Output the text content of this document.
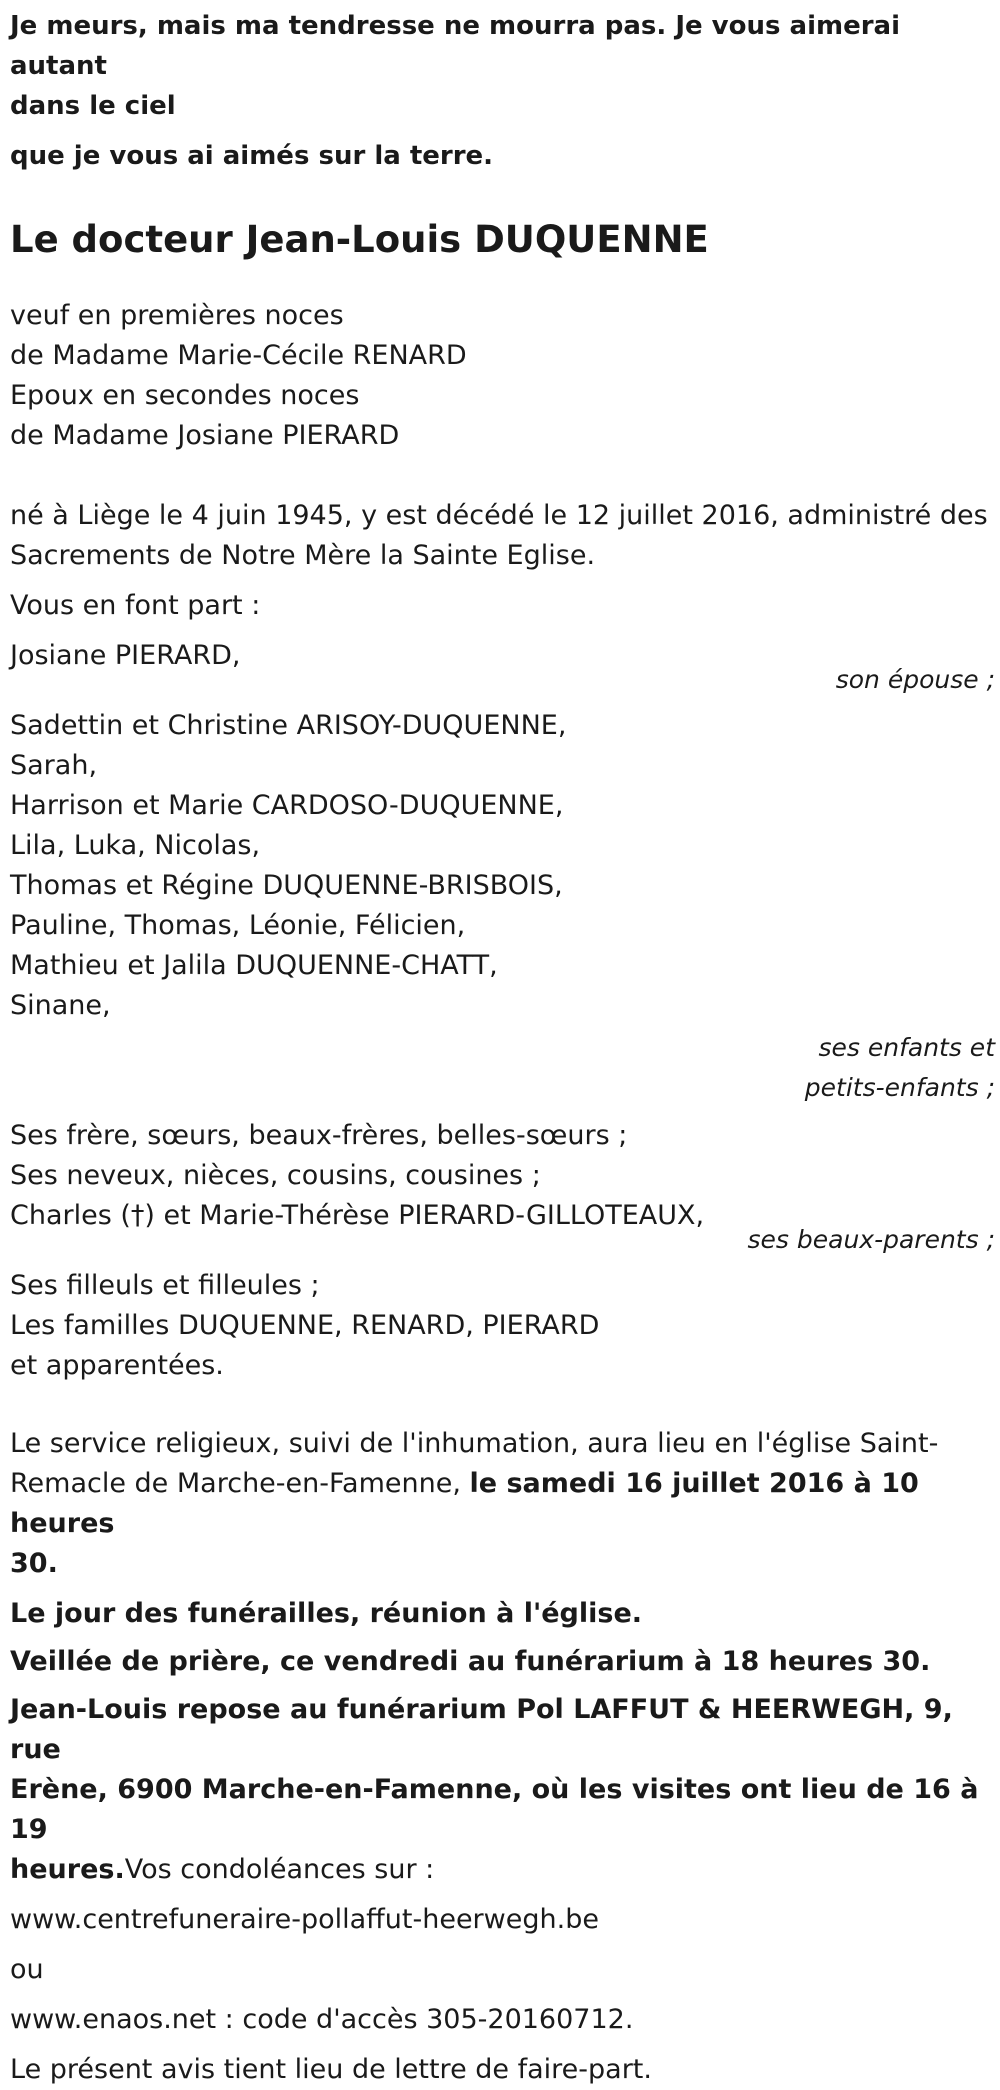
Je meurs, mais ma tendresse ne mourra pas. Je vous aimerai autant

dans le ciel

que je vous ai aimés sur la terre.

Le docteur Jean-Louis DUQUENNE

veuf en premières noces

de Madame Marie-Cécile RENARD

Epoux en secondes noces

de Madame Josiane PIERARD

né à Liège le 4 juin 1945, y est décédé le 12 juillet 2016, administré des

Sacrements de Notre Mère la Sainte Eglise.

Vous en font part :

Josiane PIERARD,

son épouse ;

Sadettin et Christine ARISOY-DUQUENNE,

Sarah,

Harrison et Marie CARDOSO-DUQUENNE,

Lila, Luka, Nicolas,

Thomas et Régine DUQUENNE-BRISBOIS,

Pauline, Thomas, Léonie, Félicien,

Mathieu et Jalila DUQUENNE-CHATT,

Sinane,

ses enfants et

petits-enfants ;

Ses frère, sœurs, beaux-frères, belles-sœurs ;

Ses neveux, nièces, cousins, cousines ;

Charles (†) et Marie-Thérèse PIERARD-GILLOTEAUX,

ses beaux-parents ;

Ses filleuls et filleules ;

Les familles DUQUENNE, RENARD, PIERARD

et apparentées.

Le service religieux, suivi de l'inhumation, aura lieu en l'église Saint-

Remacle de Marche-en-Famenne, le samedi 16 juillet 2016 à 10 heures

30.

Le jour des funérailles, réunion à l'église.

Veillée de prière, ce vendredi au funérarium à 18 heures 30.

Jean-Louis repose au funérarium Pol LAFFUT & HEERWEGH, 9, rue

Erène, 6900 Marche-en-Famenne, où les visites ont lieu de 16 à 19

heures.Vos condoléances sur :

www.centrefuneraire-pollaffut-heerwegh.be

ou

www.enaos.net : code d'accès 305-20160712.

Le présent avis tient lieu de lettre de faire-part.
